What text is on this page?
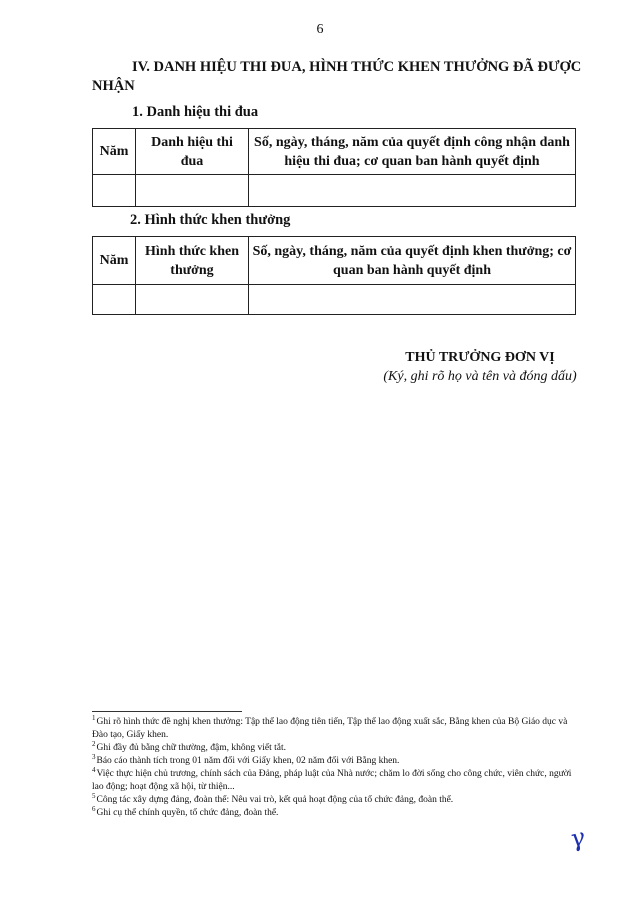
6
IV. DANH HIỆU THI ĐUA, HÌNH THỨC KHEN THƯỞNG ĐÃ ĐƯỢC NHẬN
1. Danh hiệu thi đua
Năm	Danh hiệu thi đua	Số, ngày, tháng, năm của quyết định công nhận danh hiệu thi đua; cơ quan ban hành quyết định

2. Hình thức khen thưởng
Năm	Hình thức khen thưởng	Số, ngày, tháng, năm của quyết định khen thưởng; cơ quan ban hành quyết định

THỦ TRƯỞNG ĐƠN VỊ
(Ký, ghi rõ họ và tên và đóng dấu)

$^1$Ghi rõ hình thức đề nghị khen thưởng: Tập thể lao động tiên tiến, Tập thể lao động xuất sắc, Bằng khen của Bộ Giáo dục và Đào tạo, Giấy khen.

$^2$Ghi đầy đủ bằng chữ thường, đậm, không viết tắt.

$^3$Báo cáo thành tích trong 01 năm đối với Giấy khen, 02 năm đối với Bằng khen.

$^4$Việc thực hiện chủ trương, chính sách của Đảng, pháp luật của Nhà nước; chăm lo đời sống cho công chức, viên chức, người lao động; hoạt động xã hội, từ thiện...

$^5$Công tác xây dựng đảng, đoàn thể: Nêu vai trò, kết quả hoạt động của tổ chức đảng, đoàn thể.

$^6$Ghi cụ thể chính quyền, tổ chức đảng, đoàn thể.

γ
